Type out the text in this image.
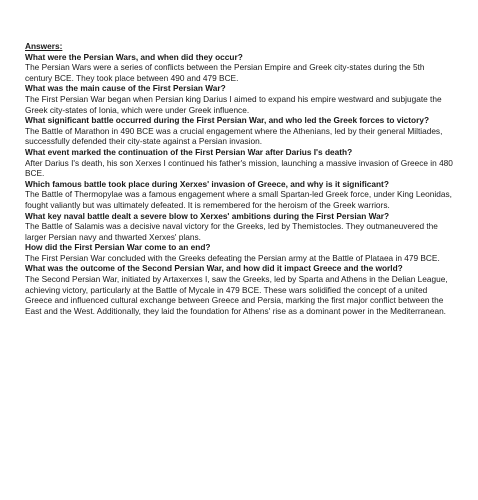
Answers:
What were the Persian Wars, and when did they occur?
The Persian Wars were a series of conflicts between the Persian Empire and Greek city-states during the 5th century BCE. They took place between 490 and 479 BCE.
What was the main cause of the First Persian War?
The First Persian War began when Persian king Darius I aimed to expand his empire westward and subjugate the Greek city-states of Ionia, which were under Greek influence.
What significant battle occurred during the First Persian War, and who led the Greek forces to victory?
The Battle of Marathon in 490 BCE was a crucial engagement where the Athenians, led by their general Miltiades, successfully defended their city-state against a Persian invasion.
What event marked the continuation of the First Persian War after Darius I's death?
After Darius I's death, his son Xerxes I continued his father's mission, launching a massive invasion of Greece in 480 BCE.
Which famous battle took place during Xerxes' invasion of Greece, and why is it significant?
The Battle of Thermopylae was a famous engagement where a small Spartan-led Greek force, under King Leonidas, fought valiantly but was ultimately defeated. It is remembered for the heroism of the Greek warriors.
What key naval battle dealt a severe blow to Xerxes' ambitions during the First Persian War?
The Battle of Salamis was a decisive naval victory for the Greeks, led by Themistocles. They outmaneuvered the larger Persian navy and thwarted Xerxes' plans.
How did the First Persian War come to an end?
The First Persian War concluded with the Greeks defeating the Persian army at the Battle of Plataea in 479 BCE.
What was the outcome of the Second Persian War, and how did it impact Greece and the world?
The Second Persian War, initiated by Artaxerxes I, saw the Greeks, led by Sparta and Athens in the Delian League, achieving victory, particularly at the Battle of Mycale in 479 BCE. These wars solidified the concept of a united Greece and influenced cultural exchange between Greece and Persia, marking the first major conflict between the East and the West. Additionally, they laid the foundation for Athens' rise as a dominant power in the Mediterranean.
